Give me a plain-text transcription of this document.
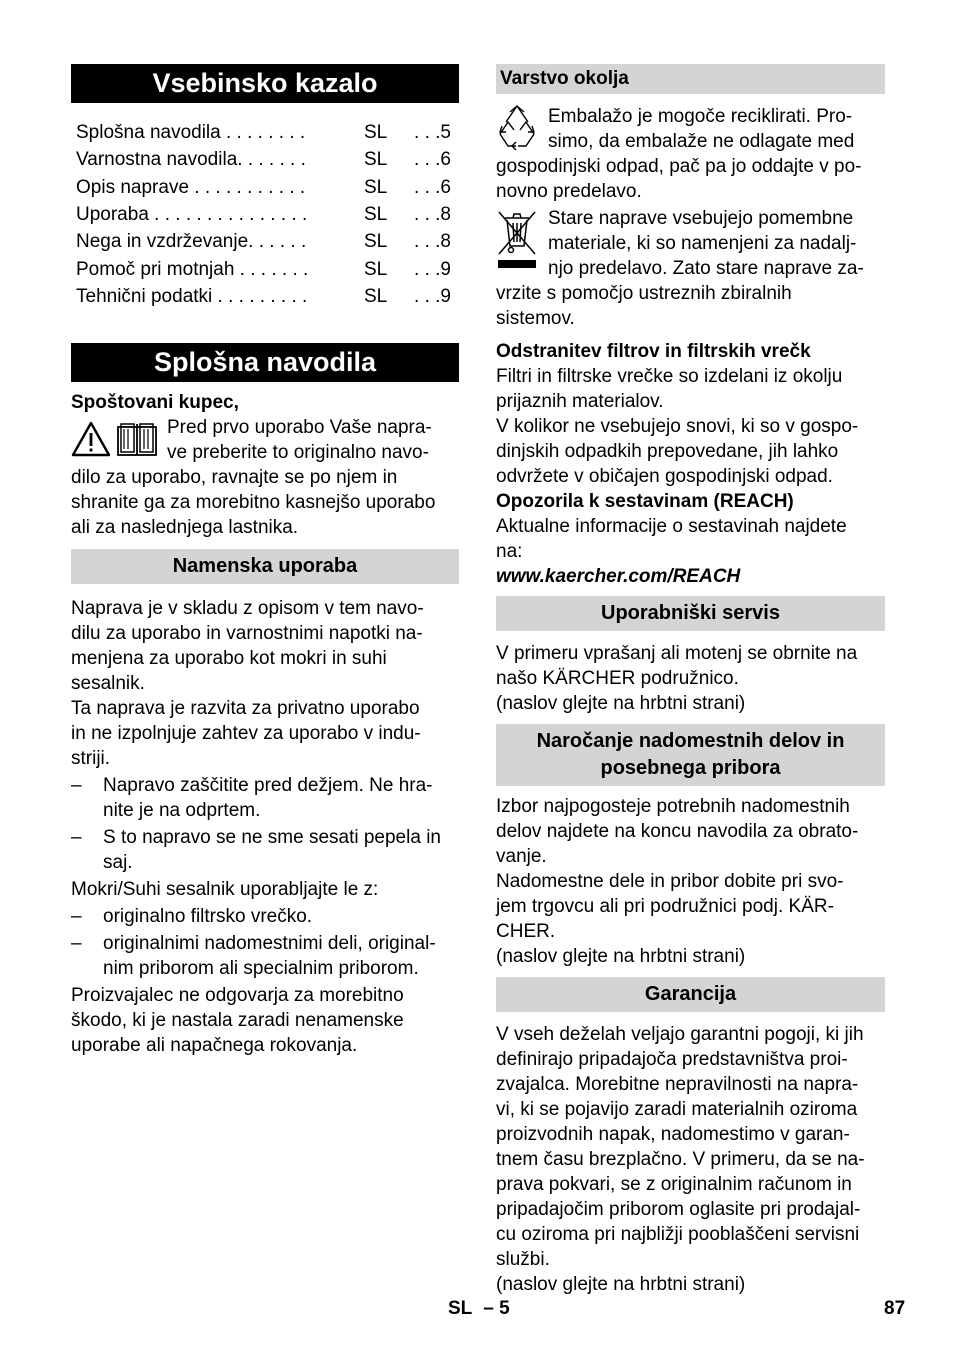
Vsebinsko kazalo
Splošna navodila . . . . . . . .	SL	. . .5
Varnostna navodila. . . . . . .	SL	. . .6
Opis naprave . . . . . . . . . . .	SL	. . .6
Uporaba . . . . . . . . . . . . . . .	SL	. . .8
Nega in vzdrževanje. . . . . .	SL	. . .8
Pomoč pri motnjah . . . . . . .	SL	. . .9
Tehnični podatki . . . . . . . . .	SL	. . .9
Splošna navodila
Spoštovani kupec,
Pred prvo uporabo Vaše napra-
ve preberite to originalno navo-
dilo za uporabo, ravnajte se po njem in
shranite ga za morebitno kasnejšo uporabo
ali za naslednjega lastnika.
Namenska uporaba
Naprava je v skladu z opisom v tem navo-
dilu za uporabo in varnostnimi napotki na-
menjena za uporabo kot mokri in suhi
sesalnik.
Ta naprava je razvita za privatno uporabo
in ne izpolnjuje zahtev za uporabo v indu-
striji.
–	Napravo zaščitite pred dežjem. Ne hra-
nite je na odprtem.
–	S to napravo se ne sme sesati pepela in
saj.
Mokri/Suhi sesalnik uporabljajte le z:
–	originalno filtrsko vrečko.
–	originalnimi nadomestnimi deli, original-
nim priborom ali specialnim priborom.
Proizvajalec ne odgovarja za morebitno
škodo, ki je nastala zaradi nenamenske
uporabe ali napačnega rokovanja.
Varstvo okolja
Embalažo je mogoče reciklirati. Pro-
simo, da embalaže ne odlagate med
gospodinjski odpad, pač pa jo oddajte v po-
novno predelavo.
Stare naprave vsebujejo pomembne
materiale, ki so namenjeni za nadalj-
njo predelavo. Zato stare naprave za-
vrzite s pomočjo ustreznih zbiralnih
sistemov.
Odstranitev filtrov in filtrskih vrečk
Filtri in filtrske vrečke so izdelani iz okolju
prijaznih materialov.
V kolikor ne vsebujejo snovi, ki so v gospo-
dinjskih odpadkih prepovedane, jih lahko
odvržete v običajen gospodinjski odpad.
Opozorila k sestavinam (REACH)
Aktualne informacije o sestavinah najdete
na:
www.kaercher.com/REACH
Uporabniški servis
V primeru vprašanj ali motenj se obrnite na
našo KÄRCHER podružnico.
(naslov glejte na hrbtni strani)
Naročanje nadomestnih delov in
posebnega pribora
Izbor najpogosteje potrebnih nadomestnih
delov najdete na koncu navodila za obrato-
vanje.
Nadomestne dele in pribor dobite pri svo-
jem trgovcu ali pri podružnici podj. KÄR-
CHER.
(naslov glejte na hrbtni strani)
Garancija
V vseh deželah veljajo garantni pogoji, ki jih
definirajo pripadajoča predstavništva proi-
zvajalca. Morebitne nepravilnosti na napra-
vi, ki se pojavijo zaradi materialnih oziroma
proizvodnih napak, nadomestimo v garan-
tnem času brezplačno. V primeru, da se na-
prava pokvari, se z originalnim računom in
pripadajočim priborom oglasite pri prodajal-
cu oziroma pri najbližji pooblaščeni servisni
službi.
(naslov glejte na hrbtni strani)
SL – 5	87
